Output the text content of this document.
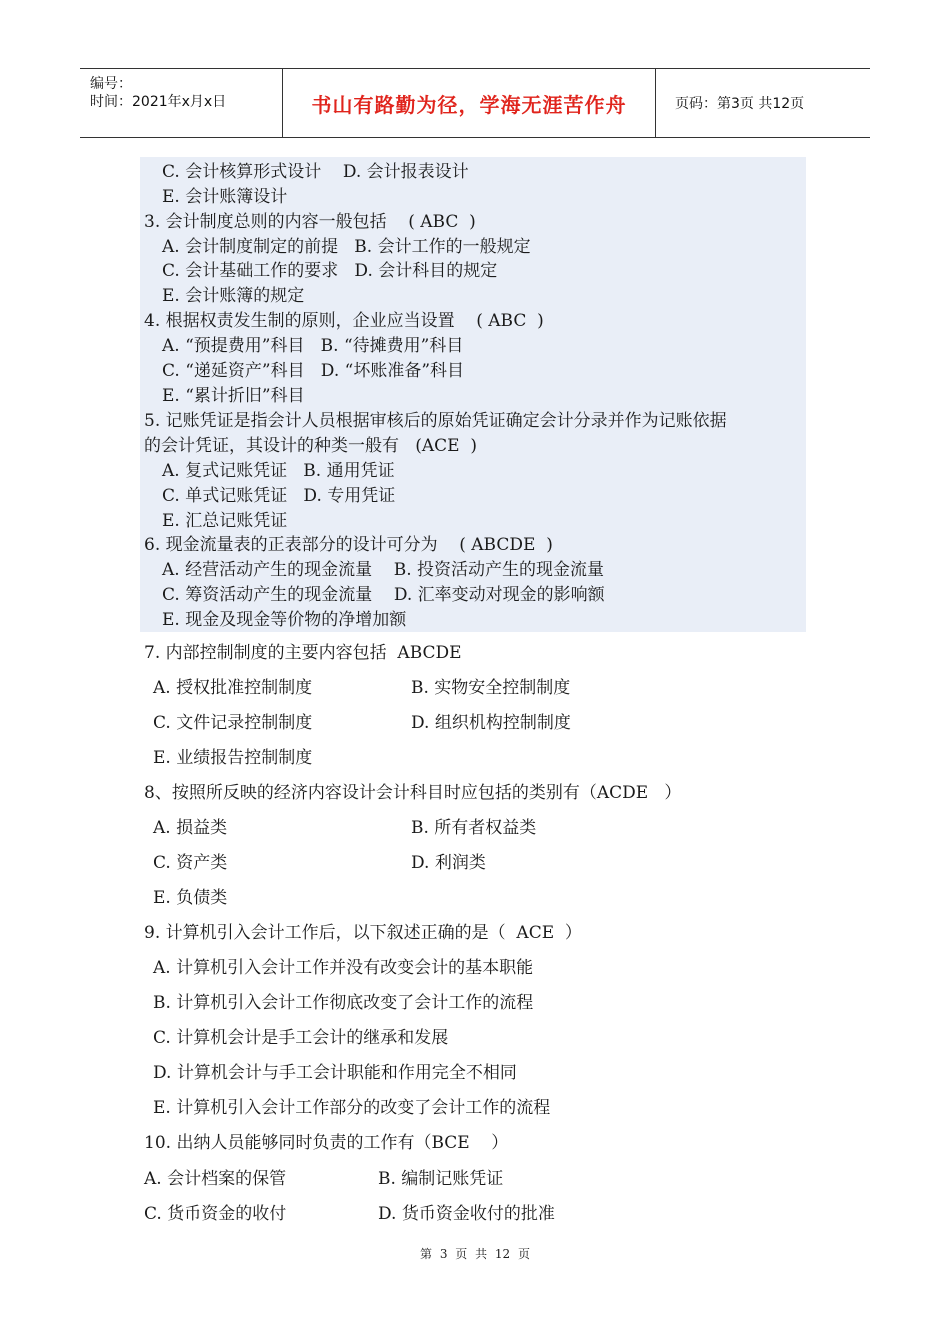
编号：
时间：2021年x月x日	书山有路勤为径，学海无涯苦作舟	页码：第3页 共12页
C. 会计核算形式设计    D. 会计报表设计
E. 会计账簿设计
3. 会计制度总则的内容一般包括    ( ABC  )
A. 会计制度制定的前提   B. 会计工作的一般规定
C. 会计基础工作的要求   D. 会计科目的规定
E. 会计账簿的规定
4. 根据权责发生制的原则，企业应当设置    ( ABC  )
A. “预提费用”科目   B. “待摊费用”科目
C. “递延资产”科目   D. “坏账准备”科目
E. “累计折旧”科目
5. 记账凭证是指会计人员根据审核后的原始凭证确定会计分录并作为记账依据
的会计凭证，其设计的种类一般有   (ACE  )
A. 复式记账凭证   B. 通用凭证
C. 单式记账凭证   D. 专用凭证
E. 汇总记账凭证
6. 现金流量表的正表部分的设计可分为    ( ABCDE  )
A. 经营活动产生的现金流量    B. 投资活动产生的现金流量
C. 筹资活动产生的现金流量    D. 汇率变动对现金的影响额
E. 现金及现金等价物的净增加额
7. 内部控制制度的主要内容包括  ABCDE
A. 授权批准控制制度	B. 实物安全控制制度
C. 文件记录控制制度	D. 组织机构控制制度
E. 业绩报告控制制度
8、按照所反映的经济内容设计会计科目时应包括的类别有（ACDE   ）
A. 损益类	B. 所有者权益类
C. 资产类	D. 利润类
E. 负债类
9. 计算机引入会计工作后，以下叙述正确的是（  ACE  ）
A. 计算机引入会计工作并没有改变会计的基本职能
B. 计算机引入会计工作彻底改变了会计工作的流程
C. 计算机会计是手工会计的继承和发展
D. 计算机会计与手工会计职能和作用完全不相同
E. 计算机引入会计工作部分的改变了会计工作的流程
10. 出纳人员能够同时负责的工作有（BCE    ）
A. 会计档案的保管	B. 编制记账凭证
C. 货币资金的收付	D. 货币资金收付的批准
第 3 页 共 12 页
